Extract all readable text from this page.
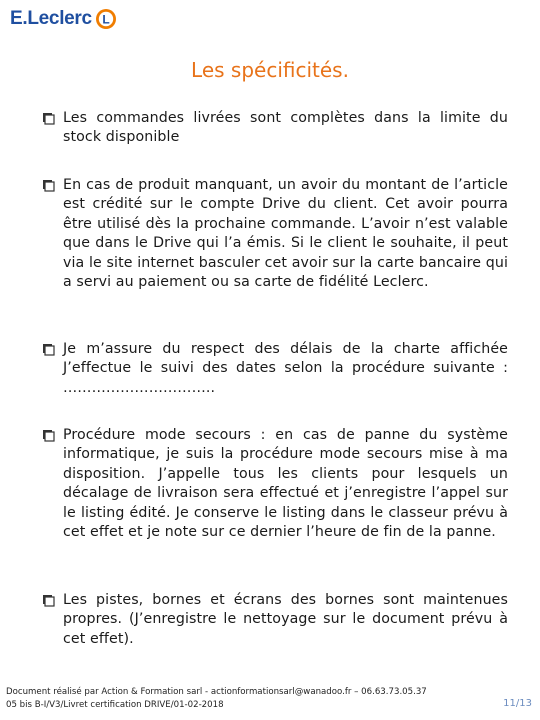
E.Leclerc L
Les spécificités.
Les commandes livrées sont complètes dans la limite du stock disponible
En cas de produit manquant, un avoir du montant de l’article est crédité sur le compte Drive du client. Cet avoir pourra être utilisé dès la prochaine commande. L’avoir n’est valable que dans le Drive qui l’a émis. Si le client le souhaite, il peut via le site internet basculer cet avoir sur la carte bancaire qui a servi au paiement ou sa carte de fidélité Leclerc.
Je m’assure du respect des délais de la charte affichée J’effectue le suivi des dates selon la procédure suivante : …………………………..
Procédure mode secours : en cas de panne du système informatique, je suis la procédure mode secours mise à ma disposition. J’appelle tous les clients pour lesquels un décalage de livraison sera effectué et j’enregistre l’appel sur le listing édité. Je conserve le listing dans le classeur prévu à cet effet et je note sur ce dernier l’heure de fin de la panne.
Les pistes, bornes et écrans des bornes sont maintenues propres. (J’enregistre le nettoyage sur le document prévu à cet effet).
Document réalisé par Action & Formation sarl - actionformationsarl@wanadoo.fr – 06.63.73.05.37
05 bis B-I/V3/Livret certification DRIVE/01-02-2018	11/13
